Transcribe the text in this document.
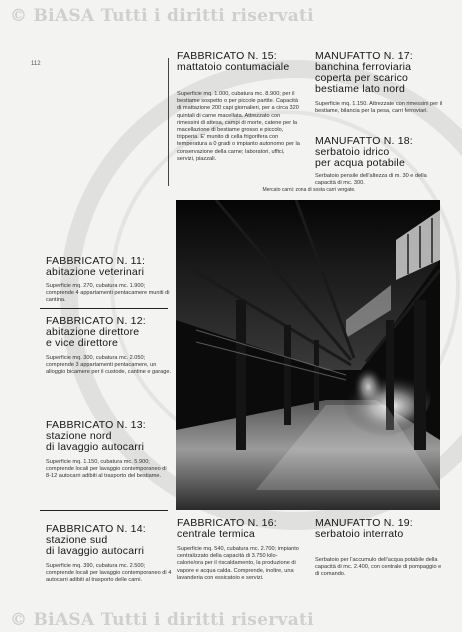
© BiASA Tutti i diritti riservati
112

FABBRICATO N. 15:

mattatoio contumaciale

Superficie mq. 1.000, cubatura mc. 8.900; per il bestiame sospetto o per piccole partite. Capacità di mattazione 200 capi giornalieri, per a circa 320 quintali di carne macellata. Attrezzato con rimessini di attesa, campi di morte, catene per la macellazione di bestiame grosso e piccolo, tripperia. E' munito di cella frigorifera con temperatura a 0 gradi o impianto autonomo per la conservazione della carne; laboratori, uffici, servizi, piazzali.

MANUFATTO N. 17:

banchina ferroviaria

coperta per scarico

bestiame lato nord

Superficie mq. 1.150. Attrezzate con rimessini per il bestiame, bilancia per la pesa, carri ferroviari.

MANUFATTO N. 18:

serbatoio idrico

per acqua potabile

Serbatoio pensile dell'altezza di m. 30 e della capacità di mc. 300.

Mercato carni: zona di sosta carri vergate.

FABBRICATO N. 11:

abitazione veterinari

Superficie mq. 270, cubatura mc. 1.900; comprende 4 appartamenti pentacamere muniti di cantina.

FABBRICATO N. 12:

abitazione direttore

e vice direttore

Superficie mq. 300, cubatura mc. 2.050; comprende 3 appartamenti pentacamere, un alloggio bicamere per il custode, cantine e garage.

FABBRICATO N. 13:

stazione nord

di lavaggio autocarri

Superficie mq. 1.150, cubatura mc. 5.900; comprende locali per lavaggio contemporaneo di 8-12 autocarri adibiti al trasporto del bestiame.

FABBRICATO N. 14:

stazione sud

di lavaggio autocarri

Superficie mq. 390, cubatura mc. 2.500; comprende locali per lavaggio contemporaneo di 4 autocarri adibiti al trasporto delle carni.

FABBRICATO N. 16:

centrale termica

Superficie mq. 540, cubatura mc. 2.700; impianto centralizzato della capacità di 3.750 kilo-calorie/ora per il riscaldamento, la produzione di vapore e acqua calda. Comprende, inoltre, una lavanderia con essicatoio e servizi.

MANUFATTO N. 19:

serbatoio interrato

Serbatoio per l'accumulo dell'acqua potabile della capacità di mc. 2.400, con centrale di pompaggio e di comando.

© BiASA Tutti i diritti riservati
